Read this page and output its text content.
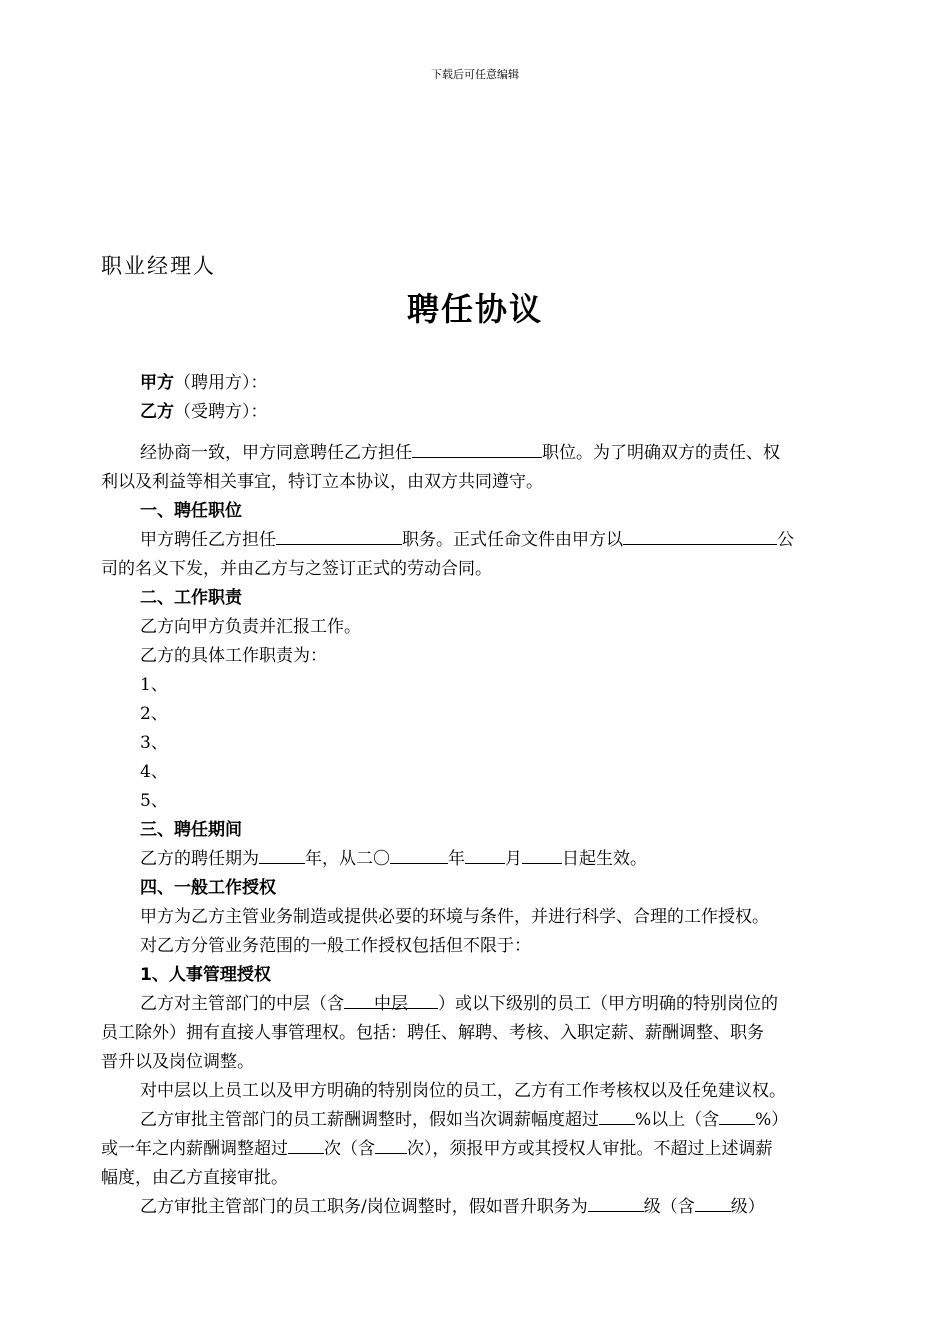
下载后可任意编辑
职业经理人
聘任协议
甲方（聘用方）：
乙方（受聘方）：
经协商一致，甲方同意聘任乙方担任	职位。为了明确双方的责任、权
利以及利益等相关事宜，特订立本协议，由双方共同遵守。
一、聘任职位
甲方聘任乙方担任	职务。正式任命文件由甲方以	公
司的名义下发，并由乙方与之签订正式的劳动合同。
二、工作职责
乙方向甲方负责并汇报工作。
乙方的具体工作职责为：
1、
2、
3、
4、
5、
三、聘任期间
乙方的聘任期为	年，从二〇	年 月 日起生效。
四、一般工作授权
甲方为乙方主管业务制造或提供必要的环境与条件，并进行科学、合理的工作授权。
对乙方分管业务范围的一般工作授权包括但不限于：
1、人事管理授权
乙方对主管部门的中层（含 中层 ）或以下级别的员工（甲方明确的特别岗位的
员工除外）拥有直接人事管理权。包括：聘任、解聘、考核、入职定薪、薪酬调整、职务
晋升以及岗位调整。
对中层以上员工以及甲方明确的特别岗位的员工，乙方有工作考核权以及任免建议权。
乙方审批主管部门的员工薪酬调整时，假如当次调薪幅度超过 %以上（含 %）
或一年之内薪酬调整超过 次（含 次），须报甲方或其授权人审批。不超过上述调薪
幅度，由乙方直接审批。
乙方审批主管部门的员工职务/岗位调整时，假如晋升职务为	级（含 级）
